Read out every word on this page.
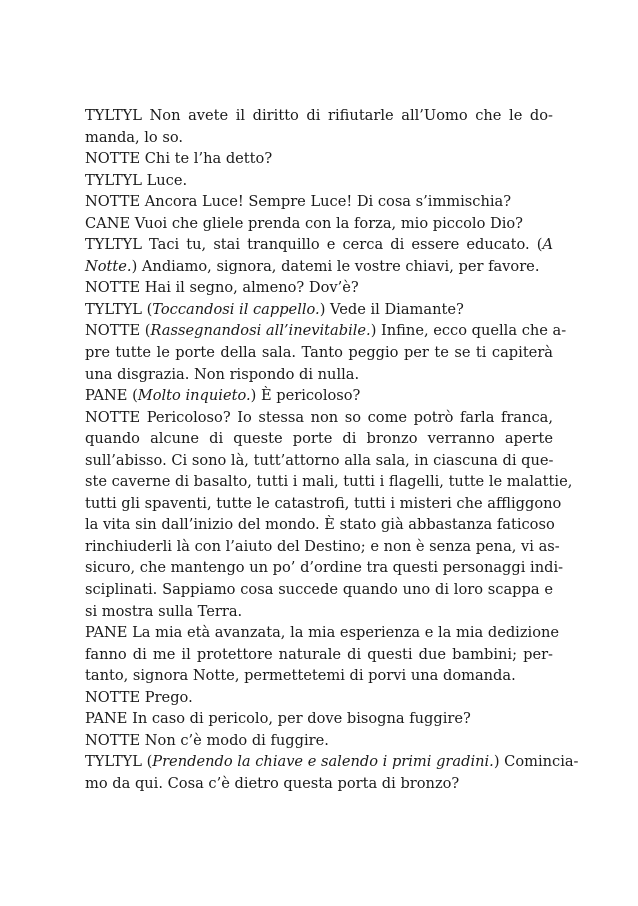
TYLTYL Non avete il diritto di rifiutarle all’Uomo che le do-
manda, lo so.
NOTTE Chi te l’ha detto?
TYLTYL Luce.
NOTTE Ancora Luce! Sempre Luce! Di cosa s’immischia?
CANE Vuoi che gliele prenda con la forza, mio piccolo Dio?
TYLTYL Taci tu, stai tranquillo e cerca di essere educato. (A
Notte.) Andiamo, signora, datemi le vostre chiavi, per favore.
NOTTE Hai il segno, almeno? Dov’è?
TYLTYL (Toccandosi il cappello.) Vede il Diamante?
NOTTE (Rassegnandosi all’inevitabile.) Infine, ecco quella che a-
pre tutte le porte della sala. Tanto peggio per te se ti capiterà
una disgrazia. Non rispondo di nulla.
PANE (Molto inquieto.) È pericoloso?
NOTTE Pericoloso? Io stessa non so come potrò farla franca,
quando alcune di queste porte di bronzo verranno aperte
sull’abisso. Ci sono là, tutt’attorno alla sala, in ciascuna di que-
ste caverne di basalto, tutti i mali, tutti i flagelli, tutte le malattie,
tutti gli spaventi, tutte le catastrofi, tutti i misteri che affliggono
la vita sin dall’inizio del mondo. È stato già abbastanza faticoso
rinchiuderli là con l’aiuto del Destino; e non è senza pena, vi as-
sicuro, che mantengo un po’ d’ordine tra questi personaggi indi-
sciplinati. Sappiamo cosa succede quando uno di loro scappa e
si mostra sulla Terra.
PANE La mia età avanzata, la mia esperienza e la mia dedizione
fanno di me il protettore naturale di questi due bambini; per-
tanto, signora Notte, permettetemi di porvi una domanda.
NOTTE Prego.
PANE In caso di pericolo, per dove bisogna fuggire?
NOTTE Non c’è modo di fuggire.
TYLTYL (Prendendo la chiave e salendo i primi gradini.) Comincia-
mo da qui. Cosa c’è dietro questa porta di bronzo?
